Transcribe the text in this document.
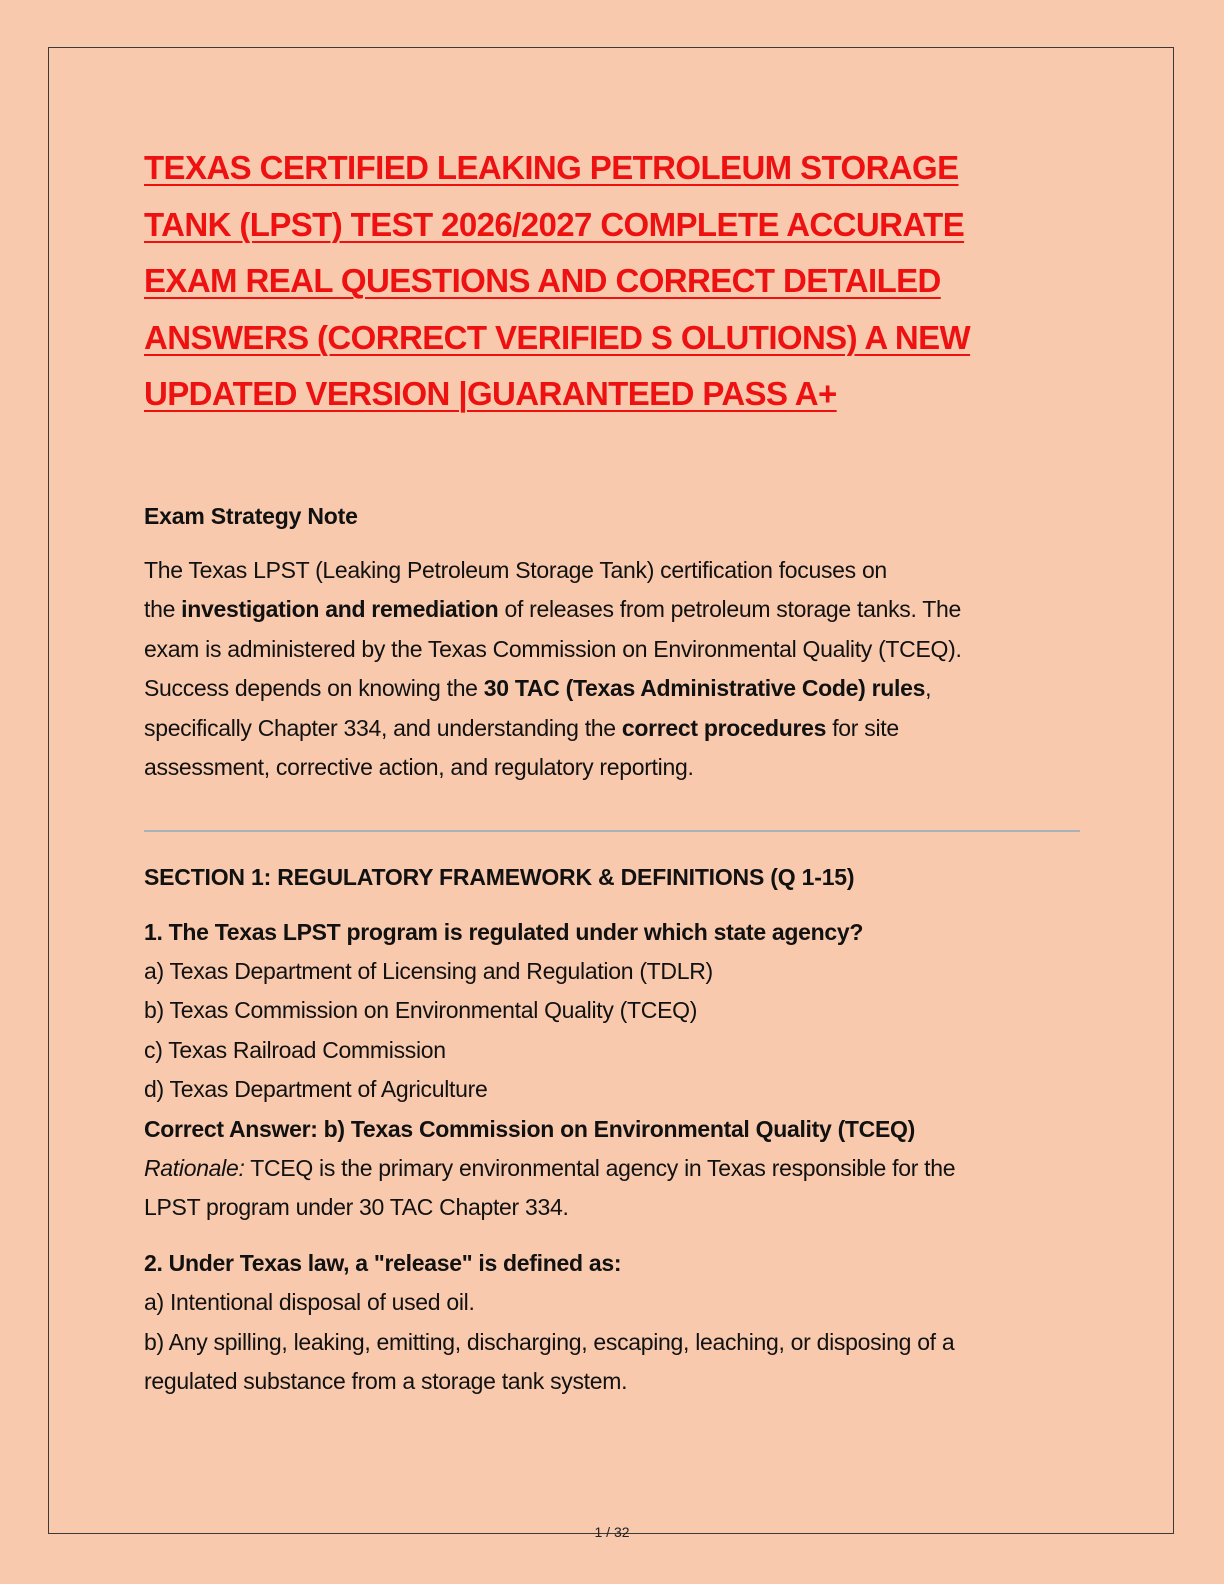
TEXAS CERTIFIED LEAKING PETROLEUM STORAGE
TANK (LPST) TEST 2026/2027 COMPLETE ACCURATE
EXAM REAL QUESTIONS AND CORRECT DETAILED
ANSWERS (CORRECT VERIFIED S OLUTIONS) A NEW
UPDATED VERSION |GUARANTEED PASS A+
Exam Strategy Note

The Texas LPST (Leaking Petroleum Storage Tank) certification focuses on
the investigation and remediation of releases from petroleum storage tanks. The
exam is administered by the Texas Commission on Environmental Quality (TCEQ).
Success depends on knowing the 30 TAC (Texas Administrative Code) rules,
specifically Chapter 334, and understanding the correct procedures for site
assessment, corrective action, and regulatory reporting.

SECTION 1: REGULATORY FRAMEWORK & DEFINITIONS (Q 1-15)
1. The Texas LPST program is regulated under which state agency?
a) Texas Department of Licensing and Regulation (TDLR)
b) Texas Commission on Environmental Quality (TCEQ)
c) Texas Railroad Commission
d) Texas Department of Agriculture
Correct Answer: b) Texas Commission on Environmental Quality (TCEQ)
Rationale: TCEQ is the primary environmental agency in Texas responsible for the
LPST program under 30 TAC Chapter 334.
2. Under Texas law, a "release" is defined as:
a) Intentional disposal of used oil.
b) Any spilling, leaking, emitting, discharging, escaping, leaching, or disposing of a
regulated substance from a storage tank system.
1 / 32
